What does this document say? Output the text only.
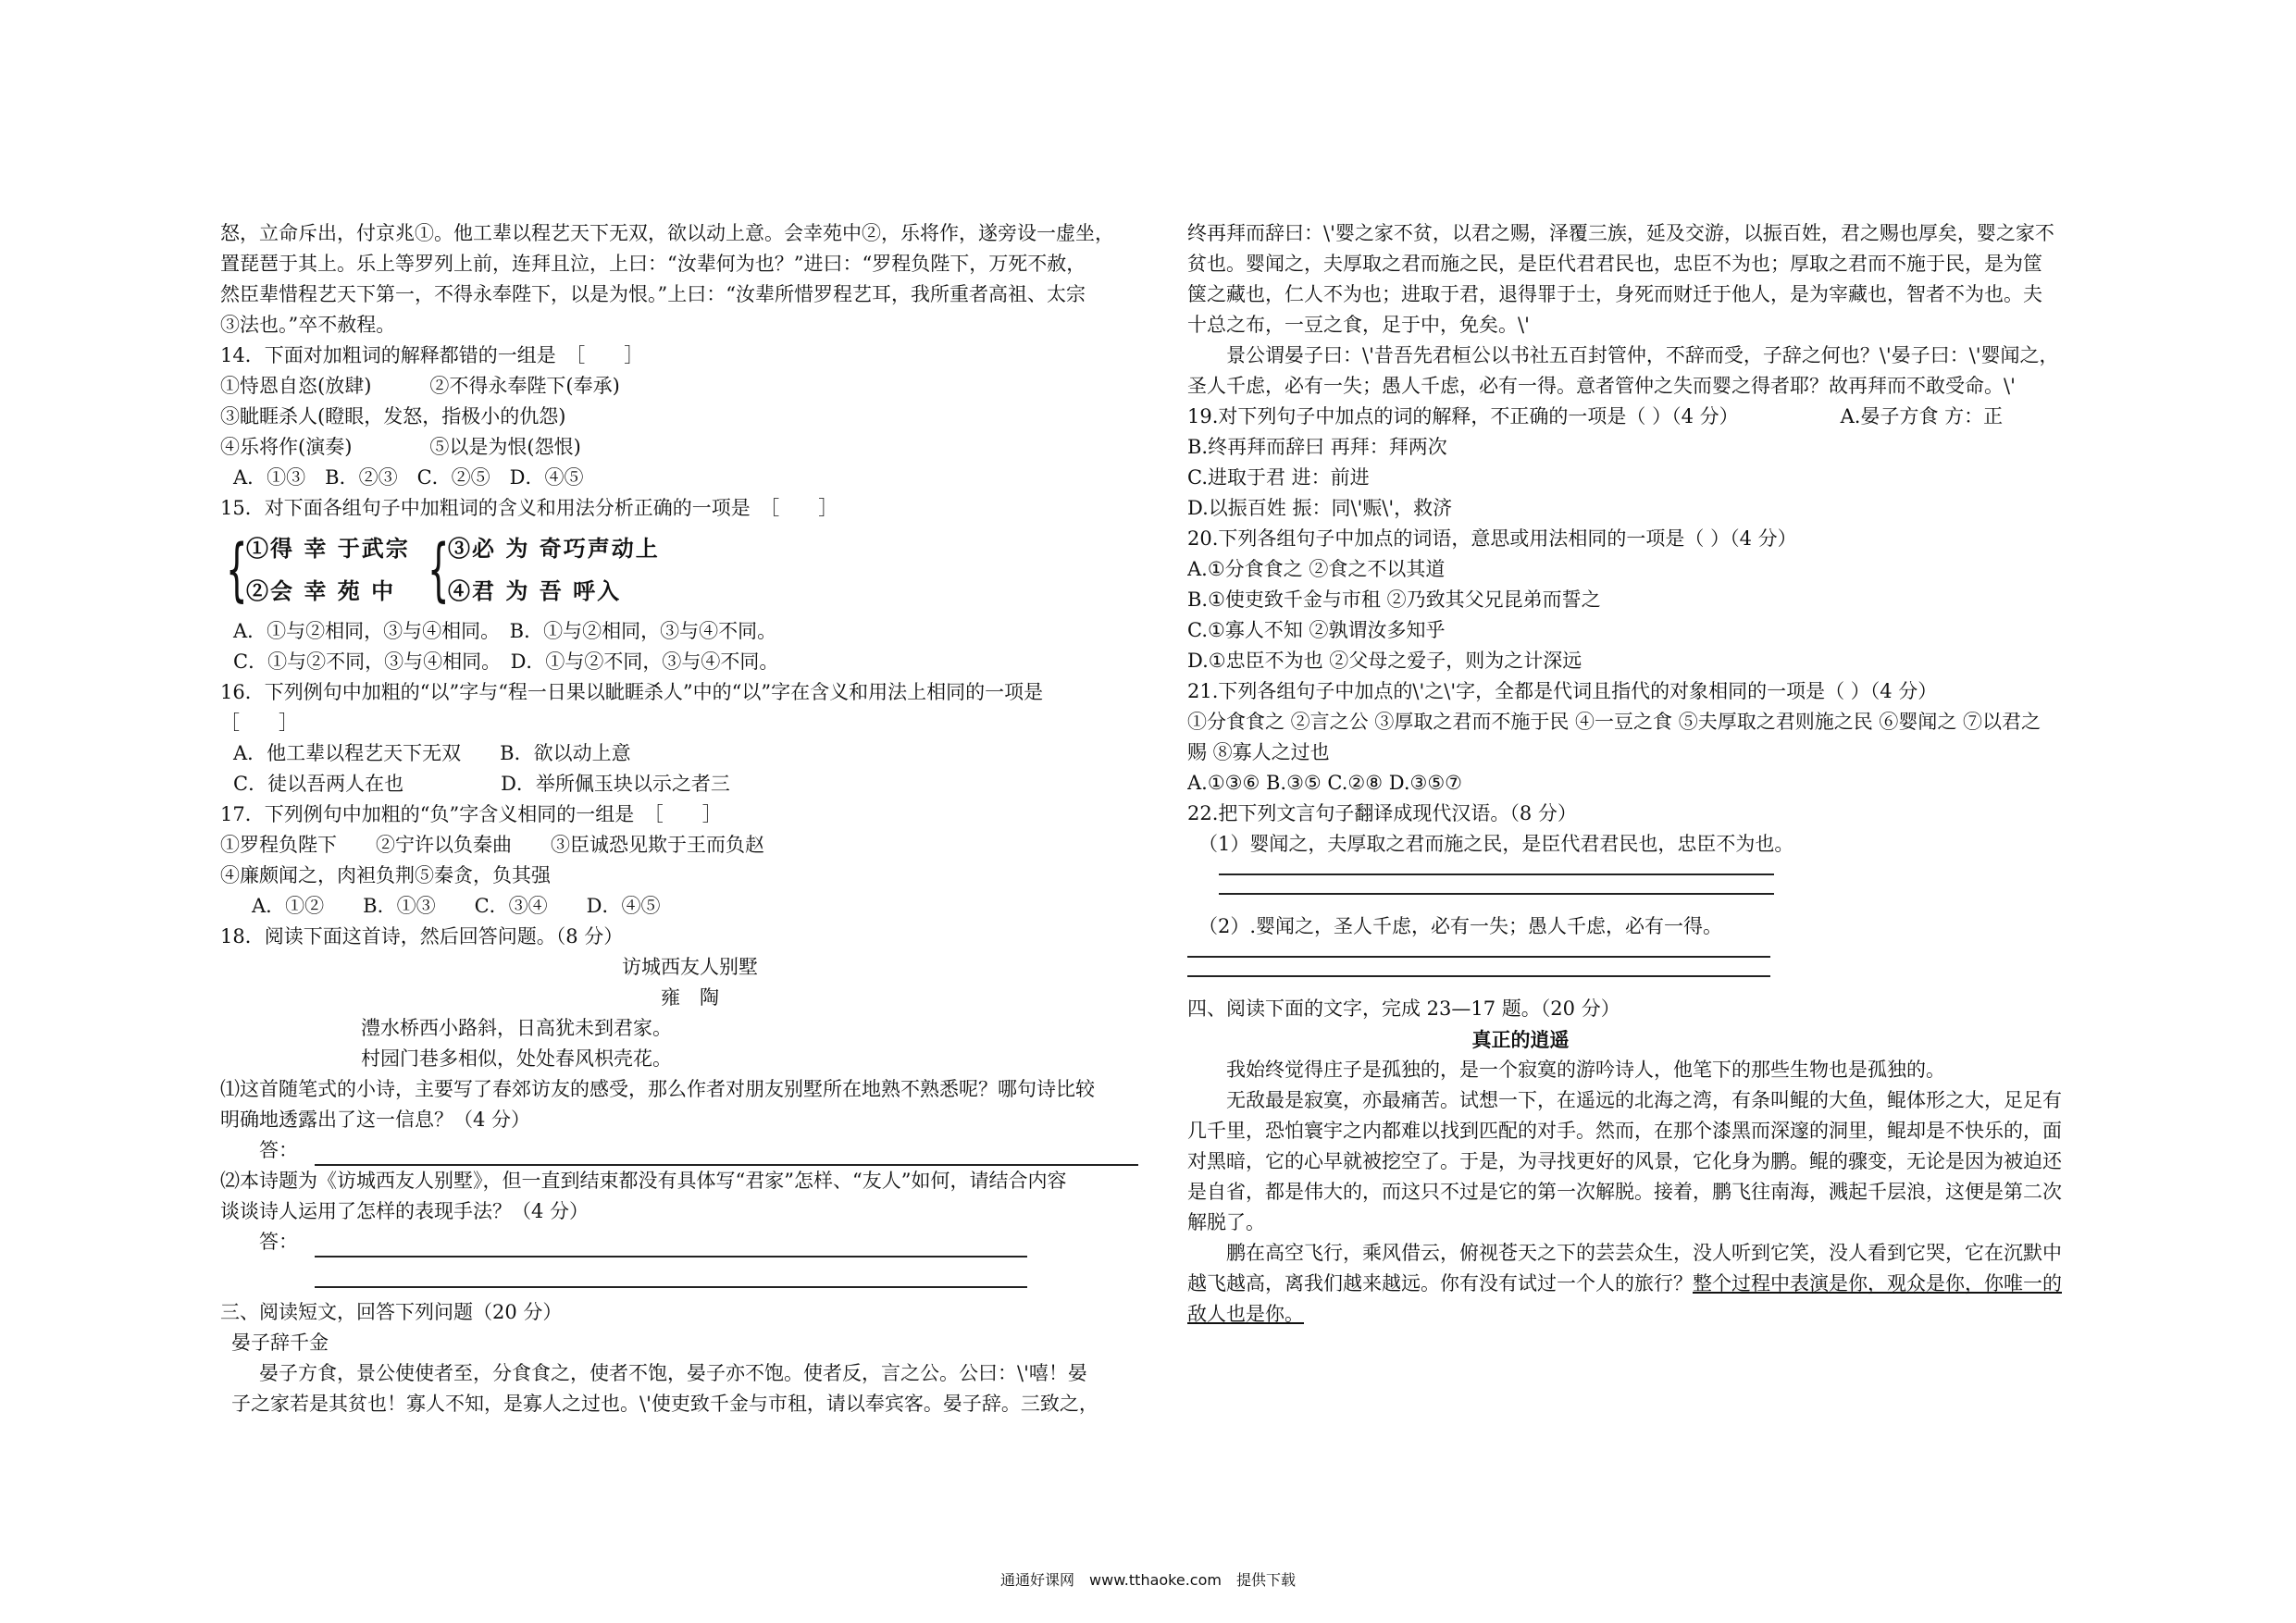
怒，立命斥出，付京兆①。他工辈以程艺天下无双，欲以动上意。会幸苑中②，乐将作，遂旁设一虚坐，
置琵琶于其上。乐上等罗列上前，连拜且泣，上曰：“汝辈何为也？”进曰：“罗程负陛下，万死不赦，
然臣辈惜程艺天下第一，不得永奉陛下，以是为恨。”上曰：“汝辈所惜罗程艺耳，我所重者高祖、太宗
③法也。”卒不赦程。
14．下面对加粗词的解释都错的一组是　［　　］
①恃恩自恣(放肆)　　　②不得永奉陛下(奉承)
③眦睚杀人(瞪眼，发怒，指极小的仇怨)
④乐将作(演奏)　　　　⑤以是为恨(怨恨)
A．①③　B．②③　C．②⑤　D．④⑤
15．对下面各组句子中加粗词的含义和用法分析正确的一项是　［　　］
{
①得 幸 于武宗
②会 幸 苑 中 {
③必 为 奇巧声动上
④君 为 吾 呼入
A．①与②相同，③与④相同。　B．①与②相同，③与④不同。
C．①与②不同，③与④相同。　D．①与②不同，③与④不同。
16．下列例句中加粗的“以”字与“程一日果以眦睚杀人”中的“以”字在含义和用法上相同的一项是
［　　］
A．他工辈以程艺天下无双　　B．欲以动上意
C．徒以吾两人在也　　　　　D．举所佩玉块以示之者三
17．下列例句中加粗的“负”字含义相同的一组是　［　　］
①罗程负陛下　　②宁许以负秦曲　　③臣诚恐见欺于王而负赵
④廉颇闻之，肉袒负荆⑤秦贪，负其强
A．①②　　B．①③　　C．③④　　D．④⑤
18．阅读下面这首诗，然后回答问题。（8 分）
访城西友人别墅
雍　陶
澧水桥西小路斜，日高犹未到君家。
村园门巷多相似，处处春风枳壳花。
⑴这首随笔式的小诗，主要写了春郊访友的感受，那么作者对朋友别墅所在地熟不熟悉呢？哪句诗比较
明确地透露出了这一信息？（4 分）
答：
⑵本诗题为《访城西友人别墅》，但一直到结束都没有具体写“君家”怎样、“友人”如何，请结合内容
谈谈诗人运用了怎样的表现手法？（4 分）
答：
三、阅读短文，回答下列问题（20 分）
晏子辞千金
晏子方食，景公使使者至，分食食之，使者不饱，晏子亦不饱。使者反，言之公。公曰：\'嘻！晏
子之家若是其贫也！寡人不知，是寡人之过也。\'使吏致千金与市租，请以奉宾客。晏子辞。三致之，
终再拜而辞曰：\'婴之家不贫，以君之赐，泽覆三族，延及交游，以振百姓，君之赐也厚矣，婴之家不
贫也。婴闻之，夫厚取之君而施之民，是臣代君君民也，忠臣不为也；厚取之君而不施于民，是为筐
箧之藏也，仁人不为也；进取于君，退得罪于士，身死而财迁于他人，是为宰藏也，智者不为也。夫
十总之布，一豆之食，足于中，免矣。\'
景公谓晏子曰：\'昔吾先君桓公以书社五百封管仲，不辞而受，子辞之何也？\'晏子曰：\'婴闻之，
圣人千虑，必有一失；愚人千虑，必有一得。意者管仲之失而婴之得者耶？故再拜而不敢受命。\'
19.对下列句子中加点的词的解释，不正确的一项是（ ）（4 分）	A.晏子方食 方：正
B.终再拜而辞曰 再拜：拜两次
C.进取于君 进：前进
D.以振百姓 振：同\'赈\'，救济
20.下列各组句子中加点的词语，意思或用法相同的一项是（ ）（4 分）
A.①分食食之 ②食之不以其道
B.①使吏致千金与市租 ②乃致其父兄昆弟而誓之
C.①寡人不知 ②孰谓汝多知乎
D.①忠臣不为也 ②父母之爱子，则为之计深远
21.下列各组句子中加点的\'之\'字，全都是代词且指代的对象相同的一项是（ ）（4 分）
①分食食之 ②言之公 ③厚取之君而不施于民 ④一豆之食 ⑤夫厚取之君则施之民 ⑥婴闻之 ⑦以君之
赐 ⑧寡人之过也
A.①③⑥ B.③⑤ C.②⑧ D.③⑤⑦
22.把下列文言句子翻译成现代汉语。（8 分）
（1）婴闻之，夫厚取之君而施之民，是臣代君君民也，忠臣不为也。
（2）.婴闻之，圣人千虑，必有一失；愚人千虑，必有一得。
四、阅读下面的文字，完成 23—17 题。（20 分）
真正的逍遥
我始终觉得庄子是孤独的，是一个寂寞的游吟诗人，他笔下的那些生物也是孤独的。
无敌最是寂寞，亦最痛苦。试想一下，在遥远的北海之湾，有条叫鲲的大鱼，鲲体形之大，足足有
几千里，恐怕寰宇之内都难以找到匹配的对手。然而，在那个漆黑而深邃的洞里，鲲却是不快乐的，面
对黑暗，它的心早就被挖空了。于是，为寻找更好的风景，它化身为鹏。鲲的骤变，无论是因为被迫还
是自省，都是伟大的，而这只不过是它的第一次解脱。接着，鹏飞往南海，溅起千层浪，这便是第二次
解脱了。
鹏在高空飞行，乘风借云，俯视苍天之下的芸芸众生，没人听到它笑，没人看到它哭，它在沉默中
越飞越高，离我们越来越远。你有没有试过一个人的旅行？整个过程中表演是你，观众是你，你唯一的
敌人也是你。
通通好课网　www.tthaoke.com　提供下载
